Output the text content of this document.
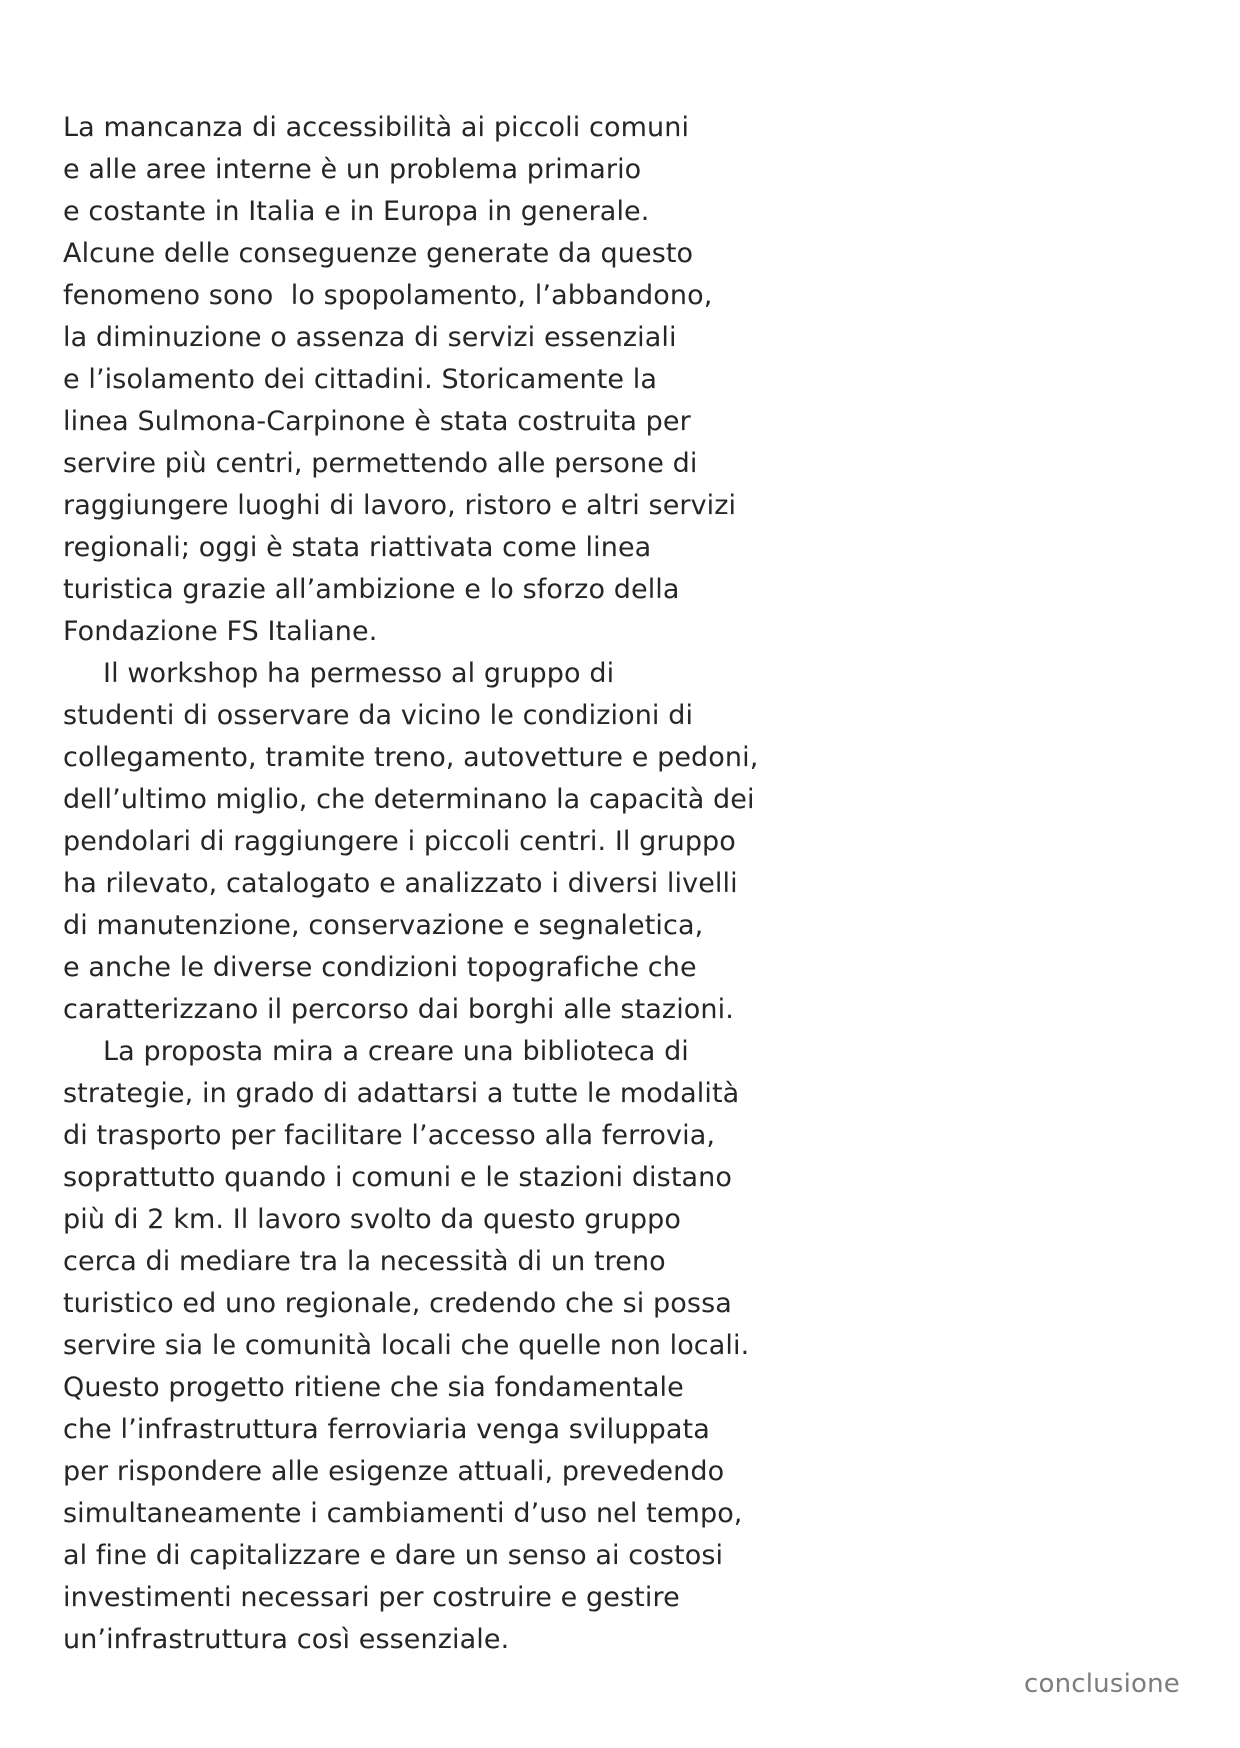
La mancanza di accessibilità ai piccoli comuni
e alle aree interne è un problema primario
e costante in Italia e in Europa in generale.
Alcune delle conseguenze generate da questo
fenomeno sono  lo spopolamento, l’abbandono,
la diminuzione o assenza di servizi essenziali
e l’isolamento dei cittadini. Storicamente la
linea Sulmona-Carpinone è stata costruita per
servire più centri, permettendo alle persone di
raggiungere luoghi di lavoro, ristoro e altri servizi
regionali; oggi è stata riattivata come linea
turistica grazie all’ambizione e lo sforzo della
Fondazione FS Italiane.
Il workshop ha permesso al gruppo di
studenti di osservare da vicino le condizioni di
collegamento, tramite treno, autovetture e pedoni,
dell’ultimo miglio, che determinano la capacità dei
pendolari di raggiungere i piccoli centri. Il gruppo
ha rilevato, catalogato e analizzato i diversi livelli
di manutenzione, conservazione e segnaletica,
e anche le diverse condizioni topografiche che
caratterizzano il percorso dai borghi alle stazioni.
La proposta mira a creare una biblioteca di
strategie, in grado di adattarsi a tutte le modalità
di trasporto per facilitare l’accesso alla ferrovia,
soprattutto quando i comuni e le stazioni distano
più di 2 km. Il lavoro svolto da questo gruppo
cerca di mediare tra la necessità di un treno
turistico ed uno regionale, credendo che si possa
servire sia le comunità locali che quelle non locali.
Questo progetto ritiene che sia fondamentale
che l’infrastruttura ferroviaria venga sviluppata
per rispondere alle esigenze attuali, prevedendo
simultaneamente i cambiamenti d’uso nel tempo,
al fine di capitalizzare e dare un senso ai costosi
investimenti necessari per costruire e gestire
un’infrastruttura così essenziale.
conclusione
